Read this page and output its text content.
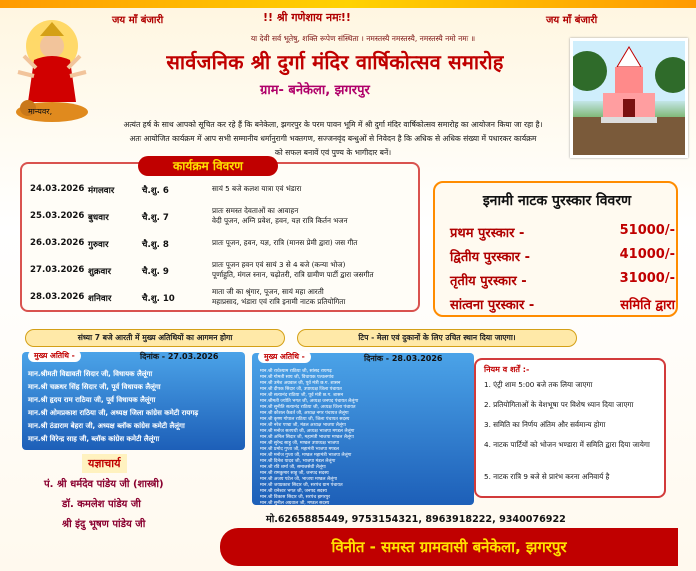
जय माँ बंजारी	!! श्री गणेशाय नमः!!	जय माँ बंजारी
या देवी सर्व भूतेषु, शक्ति रूपेण संस्थिता । नमस्तस्यै नमस्तस्यै, नमस्तस्यै नमो नमः ॥
सार्वजनिक श्री दुर्गा मंदिर वार्षिकोत्सव समारोह
ग्राम- बनेकेला, झगरपुर
मान्यवर,
अत्यंत हर्ष के साथ आपको सूचित कर रहे हैं कि बनेकेला, झगरपुर के परम पावन भूमि में श्री दुर्गा मंदिर वार्षिकोत्सव समारोह का आयोजन किया जा रहा है।
अतः आयोजित कार्यक्रम में आप सभी सम्मानीय धर्मानुरागी भक्तगण, सज्जनवृंद बन्धुओं से निवेदन है कि अधिक से अधिक संख्या में पधारकर कार्यक्रम
को सफल बनावें एवं पुण्य के भागीदार बनें।
कार्यक्रम विवरण
24.03.2026 मंगलवार	चै.शु. 6	सायं 5 बजे कलश यात्रा एवं भंडारा
25.03.2026 बुधवार	चै.शु. 7
प्रातः समस्त देवताओं का आवाहन
वेदी पूजन, अग्नि प्रवेश, हवन, यज्ञ रात्रि किर्तन भजन
26.03.2026 गुरुवार	चै.शु. 8	प्रातः पूजन, हवन, यज्ञ, रात्रि (मानस प्रेमी द्वारा) जस गीत
27.03.2026 शुक्रवार	चै.शु. 9
प्रातः पूजन हवन एवं सायं 3 से 4 बजे (कन्या भोज)
पूर्णाहुति, मंगल स्नान, चढ़ोतरी, रात्रि ग्रामीण पार्टी द्वारा जसगीत
28.03.2026 शनिवार	चै.शु. 10
माता जी का श्रृंगार, पूजन, सायं महा आरती
महाप्रसाद, भंडारा एवं रात्रि इनामी नाटक प्रतियोगिता
इनामी नाटक पुरस्कार विवरण
प्रथम पुरस्कार -	51000/-
द्वितीय पुरस्कार -	41000/-
तृतीय पुरस्कार -	31000/-
सांत्वना पुरस्कार -	समिति द्वारा
संध्या 7 बजे आरती में मुख्य अतिथियों का आगमन होगा	टिप - मेला एवं दुकानों के लिए उचित स्थान दिया जाएगा।
मुख्य अतिथि -	दिनांक - 27.03.2026
मान.श्रीमती विद्यावती सिदार जी, विधायक लैलूंगा
मान.श्री चक्रधर सिंह सिदार जी, पूर्व विधायक लैलूंगा
मान.श्री हृदय राम राठिया जी, पूर्व विधायक लैलूंगा
मान.श्री ओमप्रकाश राठिया जी, अध्यक्ष जिला कांग्रेस कमेटी रायगढ़
मान.श्री ठंडाराम बेहरा जी, अध्यक्ष ब्लॉक कांग्रेस कमेटी लैलूंगा
मान.श्री विरेन्द्र साह जी, ब्लॉक कांग्रेस कमेटी लैलूंगा
मुख्य अतिथि -	दिनांक - 28.03.2026
मान.श्री राधेश्याम राठिया जी, सांसद रायगढ़
मान.श्री गोमती साय जी, विधायक पत्थलगांव
मान.श्री उमेश अग्रवाल जी, पूर्व मंत्री छ.ग. शासन
मान.श्री दीपक सिदार जी, उपाध्यक्ष जिला पंचायत
मान.श्री सत्यानंद राठिया जी, पूर्व मंत्री छ.ग. शासन
मान.श्रीमती ज्योति भगत जी, अध्यक्ष जनपद पंचायत लैलूंगा
मान.श्री सुनीति सत्यानंद राठिया जी, अध्यक्ष जिला पंचायत
मान.श्री कौशल कैवर्त जी, अध्यक्ष नगर पंचायत लैलूंगा
मान.श्री कृष्ण गोपाल राठिया जी, जिला पंचायत सदस्य
मान.श्री नरेश पण्डा जी, मंडल अध्यक्ष भाजपा लैलूंगा
मान.श्री मनोज सतपथी जी, अध्यक्ष भाजपा मण्डल लैलूंगा
मान.श्री अनिल सिदार जी, महामंत्री भाजपा मण्डल लैलूंगा
मान.श्री सुरेन्द्र साहू जी, मण्डल उपाध्यक्ष भाजपा
मान.श्री प्रमोद गुप्ता जी, महामंत्री भाजपा मण्डल
मान.श्री मनोज गुप्ता जी, मण्डल महामंत्री भाजपा लैलूंगा
मान.श्री दिनेश यादव जी, भाजपा मंडल लैलूंगा
मान.श्री रवि शर्मा जी, समाजसेवी लैलूंगा
मान.श्री रामकुमार साहू जी, जनपद सदस्य
मान.श्री अजय पटेल जी, भाजपा मण्डल लैलूंगा
मान.श्री जयप्रकाश सिदार जी, सरपंच ग्राम पंचायत
मान.श्री धनेश्वर भगत जी, जनपद सदस्य
मान.श्री विकास सिदार जी, सरपंच झगरपुर
मान.श्री सुनील अग्रवाल जी, मण्डल सदस्य
नियम व शर्तें :-
1. एंट्री शाम 5:00 बजे तक लिया जाएगा
2. प्रतियोगिताओं के वेशभूषा पर विशेष ध्यान दिया जाएगा
3. समिति का निर्णय अंतिम और सर्वमान्य होगा
4. नाटक पार्टियों को भोजन भण्डारा में समिति द्वारा दिया जायेगा
5. नाटक रात्रि 9 बजे से प्रारंभ करना अनिवार्य है
यज्ञाचार्य
पं. श्री धर्मदेव पांडेय जी (शास्त्री)
डॉ. कमलेश पांडेय जी
श्री इंदु भूषण पांडेय जी	मो.6265885449, 9753154321, 8963918222, 9340076922
विनीत - समस्त ग्रामवासी बनेकेला, झगरपुर
